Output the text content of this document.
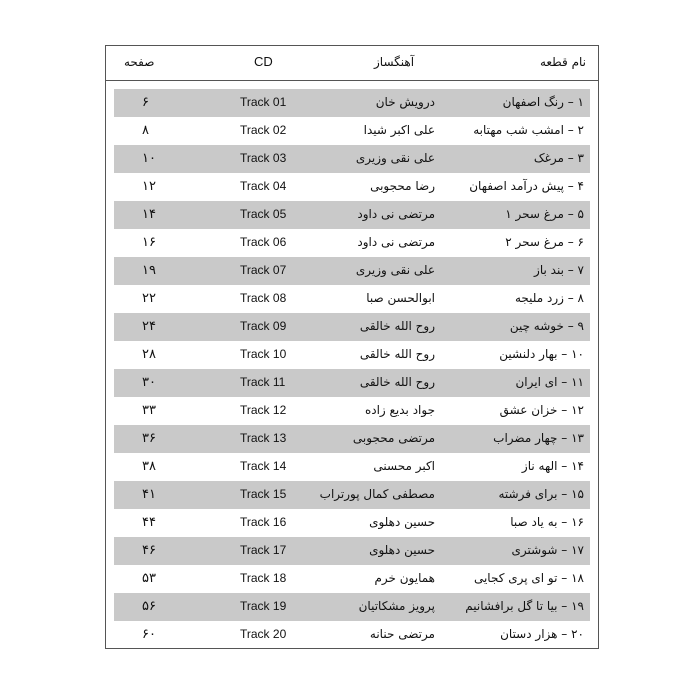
نام قطعه
آهنگساز
CD
صفحه
۱ – رنگ اصفهان
درویش خان
Track 01
۶
۲ – امشب شب مهتابه
علی اکبر شیدا
Track 02
۸
۳ – مرغک
علی نقی وزیری
Track 03
۱۰
۴ – پیش درآمد اصفهان
رضا محجوبی
Track 04
۱۲
۵ – مرغ سحر ۱
مرتضی نی داود
Track 05
۱۴
۶ – مرغ سحر ۲
مرتضی نی داود
Track 06
۱۶
۷ – بند باز
علی نقی وزیری
Track 07
۱۹
۸ – زرد ملیجه
ابوالحسن صبا
Track 08
۲۲
۹ – خوشه چین
روح الله خالقی
Track 09
۲۴
۱۰ – بهار دلنشین
روح الله خالقی
Track 10
۲۸
۱۱ – ای ایران
روح الله خالقی
Track 11
۳۰
۱۲ – خزان عشق
جواد بدیع زاده
Track 12
۳۳
۱۳ – چهار مضراب
مرتضی محجوبی
Track 13
۳۶
۱۴ – الهه ناز
اکبر محسنی
Track 14
۳۸
۱۵ – برای فرشته
مصطفی کمال پورتراب
Track 15
۴۱
۱۶ – به یاد صبا
حسین دهلوی
Track 16
۴۴
۱۷ – شوشتری
حسین دهلوی
Track 17
۴۶
۱۸ – تو ای پری کجایی
همایون خرم
Track 18
۵۳
۱۹ – بیا تا گل برافشانیم
پرویز مشکاتیان
Track 19
۵۶
۲۰ – هزار دستان
مرتضی حنانه
Track 20
۶۰
